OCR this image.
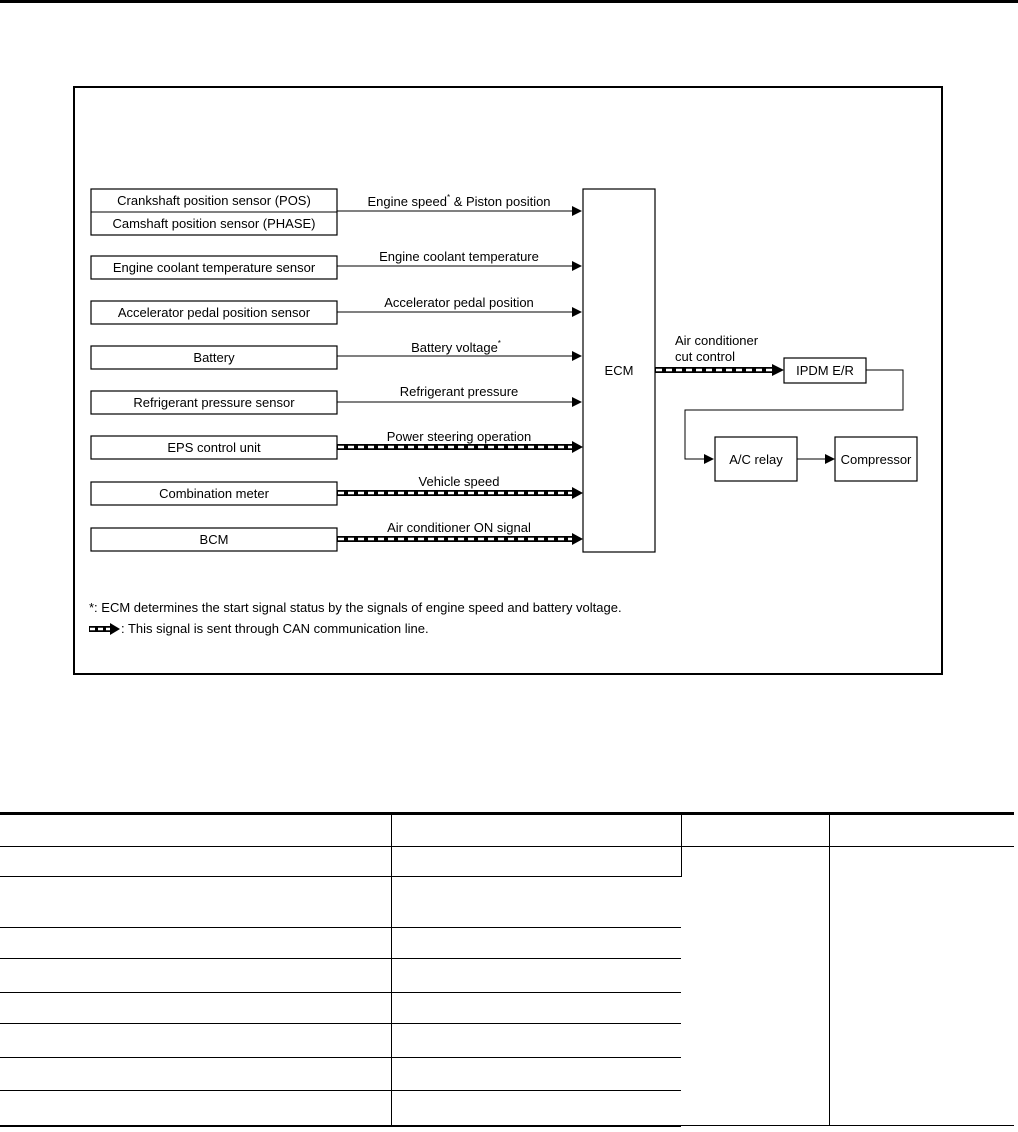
Crankshaft position sensor (POS)
Camshaft position sensor (PHASE)
Engine speed* & Piston position
Engine coolant temperature sensor
Engine coolant temperature
Accelerator pedal position sensor
Accelerator pedal position
Battery
Battery voltage*
Refrigerant pressure sensor
Refrigerant pressure
EPS control unit
Power steering operation
Combination meter
Vehicle speed
BCM
Air conditioner ON signal
ECM
Air conditioner
cut control
IPDM E/R
A/C relay	Compressor
*: ECM determines the start signal status by the signals of engine speed and battery voltage.
: This signal is sent through CAN communication line.
